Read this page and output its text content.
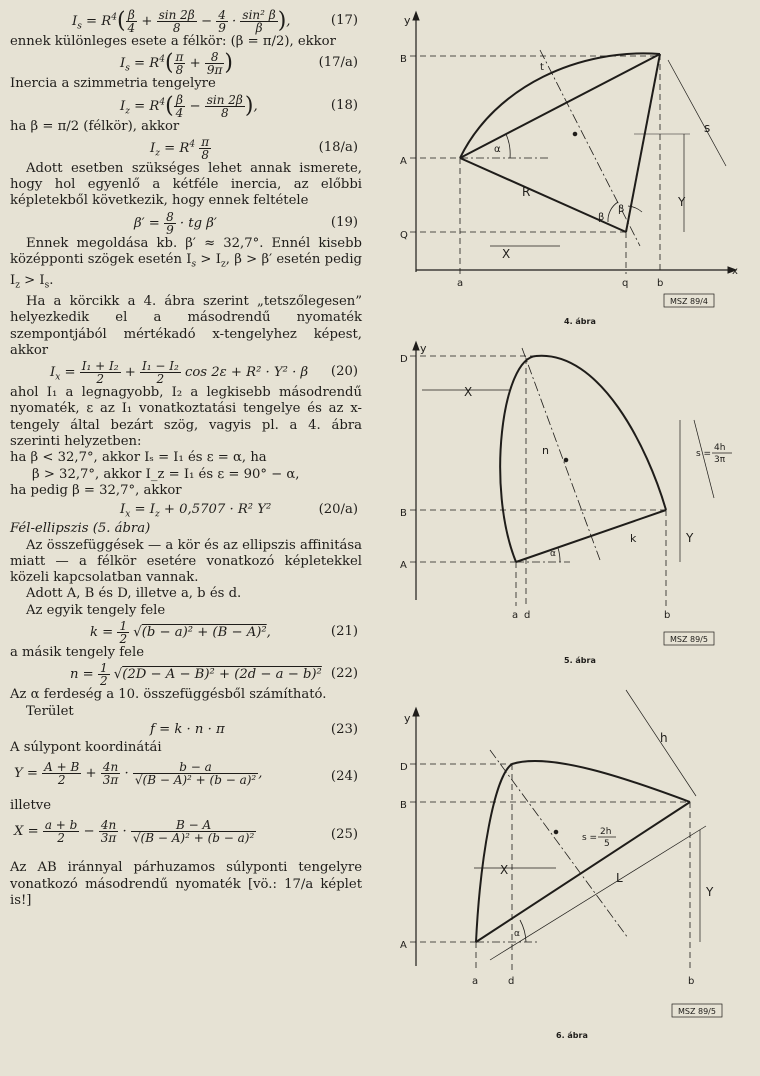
$I_s = R^4( \frac{\beta}{4} + \frac{\sin 2\beta}{8} - \frac{4}{9} \cdot \frac{\text{sin² β}}{\beta}$ ),	(17)

ennek különleges esete a félkör: (β = π/2), ekkor

$I_s = R^4( \frac{\pi}{8} + \frac{8}{9\pi}$ )	(17/a)

Inercia a szimmetria tengelyre

$I_z = R^4( \frac{\beta}{4} - \frac{\sin 2\beta}{8}$ ),	(18)

ha β = π/2 (félkör), akkor

$I_z = R^4 \frac{\pi}{8}$	(18/a)

Adott esetben szükséges lehet annak ismerete, hogy hol egyenlő a kétféle inercia, az előbbi képletekből következik, hogy ennek feltétele

$\beta' = \frac{8}{9}$ · tg β′	(19)

Ennek megoldása kb. β′ ≈ 32,7°. Ennél kisebb középponti szögek esetén $I_s > I_z$, β > β′ esetén pedig $I_z > I_s$.

Ha a körcikk a 4. ábra szerint „tetszőlegesen” helyezkedik el a másodrendű nyomaték szempontjából mértékadó x-tengelyhez képest, akkor

$I_x = \frac{\text{I₁ + I₂}}{2} + \frac{\text{I₁ − I₂}}{2}$ cos 2ε + R² · Y² · β (20)

ahol I₁ a legnagyobb, I₂ a legkisebb másodrendű nyomaték, ε az I₁ vonatkoztatási tengelye és az x-tengely által bezárt szög, vagyis pl. a 4. ábra szerinti helyzetben:

ha β < 32,7°, akkor Iₛ = I₁ és ε = α, ha

β > 32,7°, akkor I_z = I₁ és ε = 90° − α,

ha pedig β = 32,7°, akkor

$I_x = I_z + 0,5707 \cdot R^2$ Y²	(20/a)

Fél-ellipszis (5. ábra)

Az összefüggések — a kör és az ellipszis affinitása miatt — a félkör esetére vonatkozó képletekkel közeli kapcsolatban vannak.

Adott A, B és D, illetve a, b és d.

Az egyik tengely fele

$k = \frac{1}{2} √(b - a)^2 + (B - A)^2$,	(21)

a másik tengely fele

$n = \frac{1}{2} √(2D - A - B)^2 + (2d - a - b)^2$ (22)

Az α ferdeség a 10. összefüggésből számítható.

Terület

f = k · n · π	(23)

A súlypont koordinátái

$Y = \frac{A + B}{2} + \frac{4n}{3\pi} \cdot \frac{b - a}{\text{√(B − A)² + (b − a)²}}$ ,	(24)

illetve

$X = \frac{a + b}{2} - \frac{4n}{3\pi} \cdot \frac{B - A}{\text{√(B − A)² + (b − a)²}}$	(25)

Az AB iránnyal párhuzamos súlyponti tengelyre vonatkozó másodrendű nyomaték [vö.: 17/a képlet is!]

y
B
A
Q
a	q	b
x
X
Y
s
R
t
α
β
β
MSZ 89/4
4. ábra
y
D
B
A
a d	b
X
Y
n
k
α
s =
4h
3π
MSZ 89/5
5. ábra
y
D
B
A
a	d	b
X
Y
h
L
α
s =
2h
5
MSZ 89/5
6. ábra
